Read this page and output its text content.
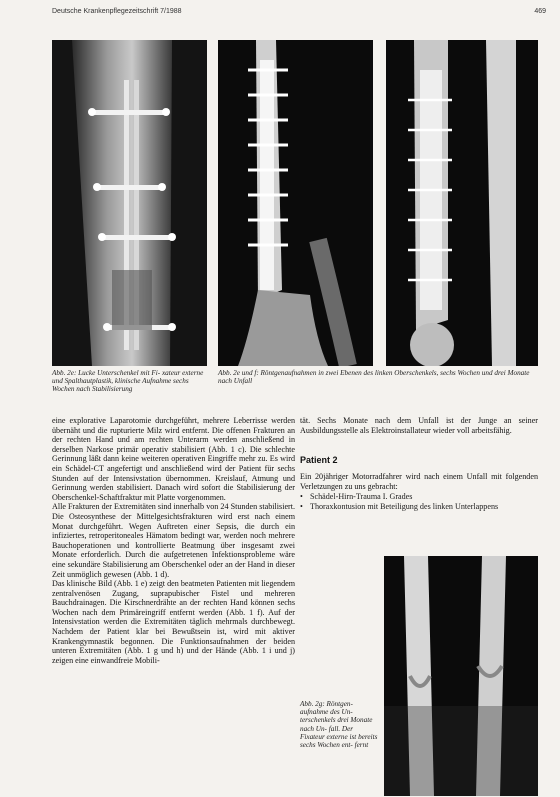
Deutsche Krankenpflegezeitschrift 7/1988	469
Abb. 2e: Lucke Unterschenkel mit Fi- xateur externe und Spalthautplastik, klinische Aufnahme sechs Wochen nach Stabilisierung
Abb. 2e und f: Röntgenaufnahmen in zwei Ebenen des linken Oberschenkels, sechs Wochen und drei Monate nach Unfall

eine explorative Laparotomie durchgeführt, mehrere Leberrisse werden übernäht und die rupturierte Milz wird entfernt. Die offenen Frakturen an der rechten Hand und am rechten Unterarm werden anschließend in derselben Narkose primär operativ stabilisiert (Abb. 1 c). Die schlechte Gerinnung läßt dann keine weiteren operativen Eingriffe mehr zu. Es wird ein Schädel-CT angefertigt und anschließend wird der Patient für sechs Stunden auf der Intensivstation übernommen. Kreislauf, Atmung und Gerinnung werden stabilisiert. Danach wird sofort die Stabilisierung der Oberschenkel-Schaftfraktur mit Platte vorgenommen.

Alle Frakturen der Extremitäten sind innerhalb von 24 Stunden stabilisiert. Die Osteosynthese der Mittelgesichtsfrakturen wird erst nach einem Monat durchgeführt. Wegen Auftreten einer Sepsis, die durch ein infiziertes, retroperitoneales Hämatom bedingt war, werden noch mehrere Bauchoperationen und kontrollierte Beatmung über insgesamt zwei Monate erforderlich. Durch die aufgetretenen Infektionsprobleme wäre eine sekundäre Stabilisierung am Oberschenkel oder an der Hand in dieser Zeit unmöglich gewesen (Abb. 1 d).

Das klinische Bild (Abb. 1 e) zeigt den beatmeten Patienten mit liegendem zentralvenösen Zugang, suprapubischer Fistel und mehreren Bauchdrainagen. Die Kirschnerdrähte an der rechten Hand können sechs Wochen nach dem Primäreingriff entfernt werden (Abb. 1 f). Auf der Intensivstation werden die Extremitäten täglich mehrmals durchbewegt. Nachdem der Patient klar bei Bewußtsein ist, wird mit aktiver Krankengymnastik begonnen. Die Funktionsaufnahmen der beiden unteren Extremitäten (Abb. 1 g und h) und der Hände (Abb. 1 i und j) zeigen eine einwandfreie Mobili-

tät. Sechs Monate nach dem Unfall ist der Junge an seiner Ausbildungsstelle als Elektroinstallateur wieder voll arbeitsfähig.
Patient 2
Ein 20jähriger Motorradfahrer wird nach einem Unfall mit folgenden Verletzungen zu uns gebracht:
• Schädel-Hirn-Trauma I. Grades
• Thoraxkontusion mit Beteiligung des linken Unterlappens
Abb. 2g: Röntgen- aufnahme des Un- terschenkels drei Monate nach Un- fall. Der Fixateur externe ist bereits sechs Wochen ent- fernt
